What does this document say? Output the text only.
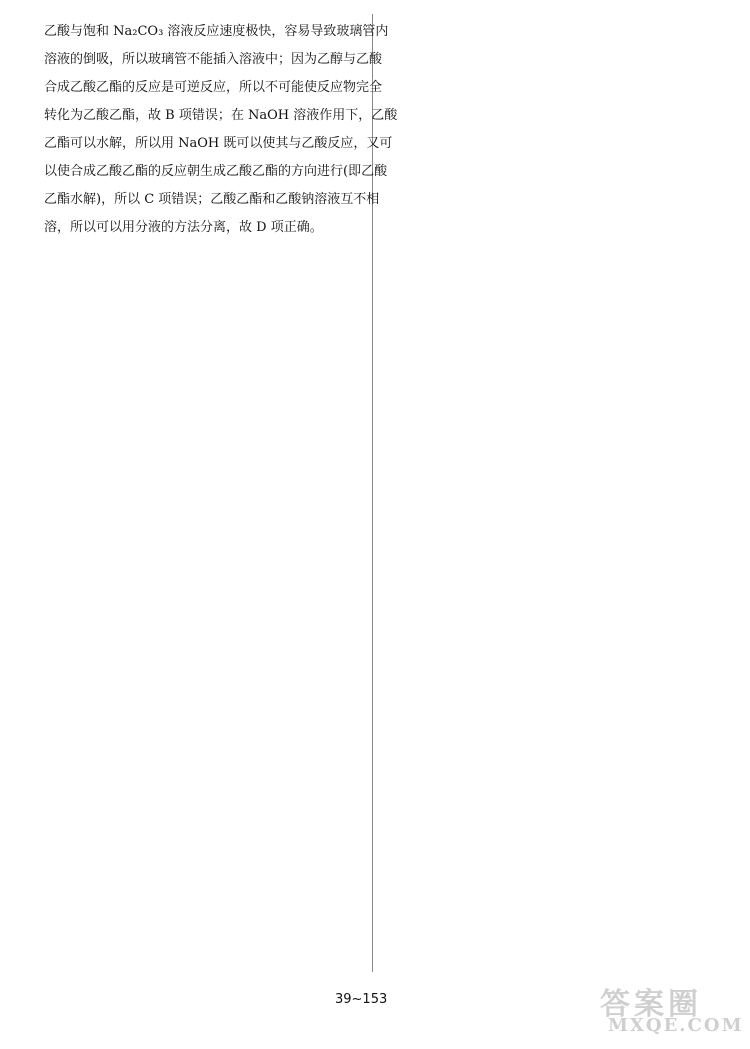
乙酸与饱和 Na₂CO₃ 溶液反应速度极快，容易导致玻璃管内
溶液的倒吸，所以玻璃管不能插入溶液中；因为乙醇与乙酸
合成乙酸乙酯的反应是可逆反应，所以不可能使反应物完全
转化为乙酸乙酯，故 B 项错误；在 NaOH 溶液作用下，乙酸
乙酯可以水解，所以用 NaOH 既可以使其与乙酸反应，又可
以使合成乙酸乙酯的反应朝生成乙酸乙酯的方向进行(即乙酸
乙酯水解)，所以 C 项错误；乙酸乙酯和乙酸钠溶液互不相
溶，所以可以用分液的方法分离，故 D 项正确。
39~153	答案圈
MXQE.COM
